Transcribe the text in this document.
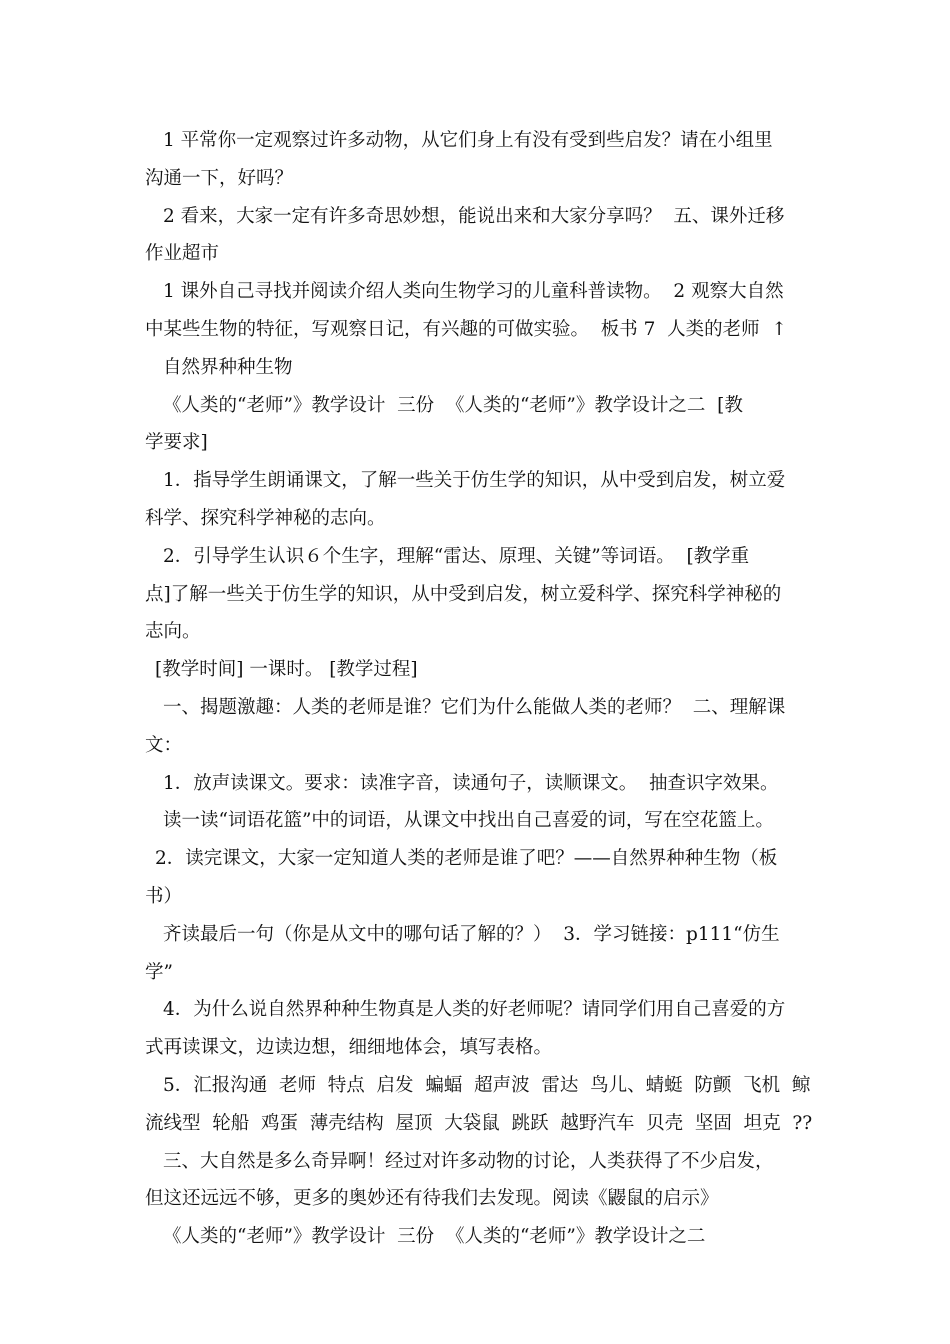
1 平常你一定观察过许多动物，从它们身上有没有受到些启发？请在小组里
沟通一下，好吗？
2 看来，大家一定有许多奇思妙想，能说出来和大家分享吗？  五、课外迁移
作业超市
1 课外自己寻找并阅读介绍人类向生物学习的儿童科普读物。  2 观察大自然
中某些生物的特征，写观察日记，有兴趣的可做实验。  板书 7  人类的老师  ↑
自然界种种生物
《人类的“老师”》教学设计  三份  《人类的“老师”》教学设计之二  [教
学要求]
1．指导学生朗诵课文，了解一些关于仿生学的知识，从中受到启发，树立爱
科学、探究科学神秘的志向。
2．引导学生认识６个生字，理解“雷达、原理、关键”等词语。  [教学重
点]了解一些关于仿生学的知识，从中受到启发，树立爱科学、探究科学神秘的
志向。
[教学时间] 一课时。 [教学过程]
一、揭题激趣：人类的老师是谁？它们为什么能做人类的老师？  二、理解课
文：
1．放声读课文。要求：读准字音，读通句子，读顺课文。  抽查识字效果。
读一读“词语花篮”中的词语，从课文中找出自己喜爱的词，写在空花篮上。
2．读完课文，大家一定知道人类的老师是谁了吧？——自然界种种生物（板
书）
齐读最后一句（你是从文中的哪句话了解的？）  3．学习链接：p111“仿生
学”
4．为什么说自然界种种生物真是人类的好老师呢？请同学们用自己喜爱的方
式再读课文，边读边想，细细地体会，填写表格。
5．汇报沟通  老师  特点  启发  蝙蝠  超声波  雷达  鸟儿、蜻蜓  防颤  飞机  鲸
流线型  轮船  鸡蛋  薄壳结构  屋顶  大袋鼠  跳跃  越野汽车  贝壳  坚固  坦克  ??
三、大自然是多么奇异啊！经过对许多动物的讨论，人类获得了不少启发，
但这还远远不够，更多的奥妙还有待我们去发现。阅读《鼹鼠的启示》
《人类的“老师”》教学设计  三份  《人类的“老师”》教学设计之二
